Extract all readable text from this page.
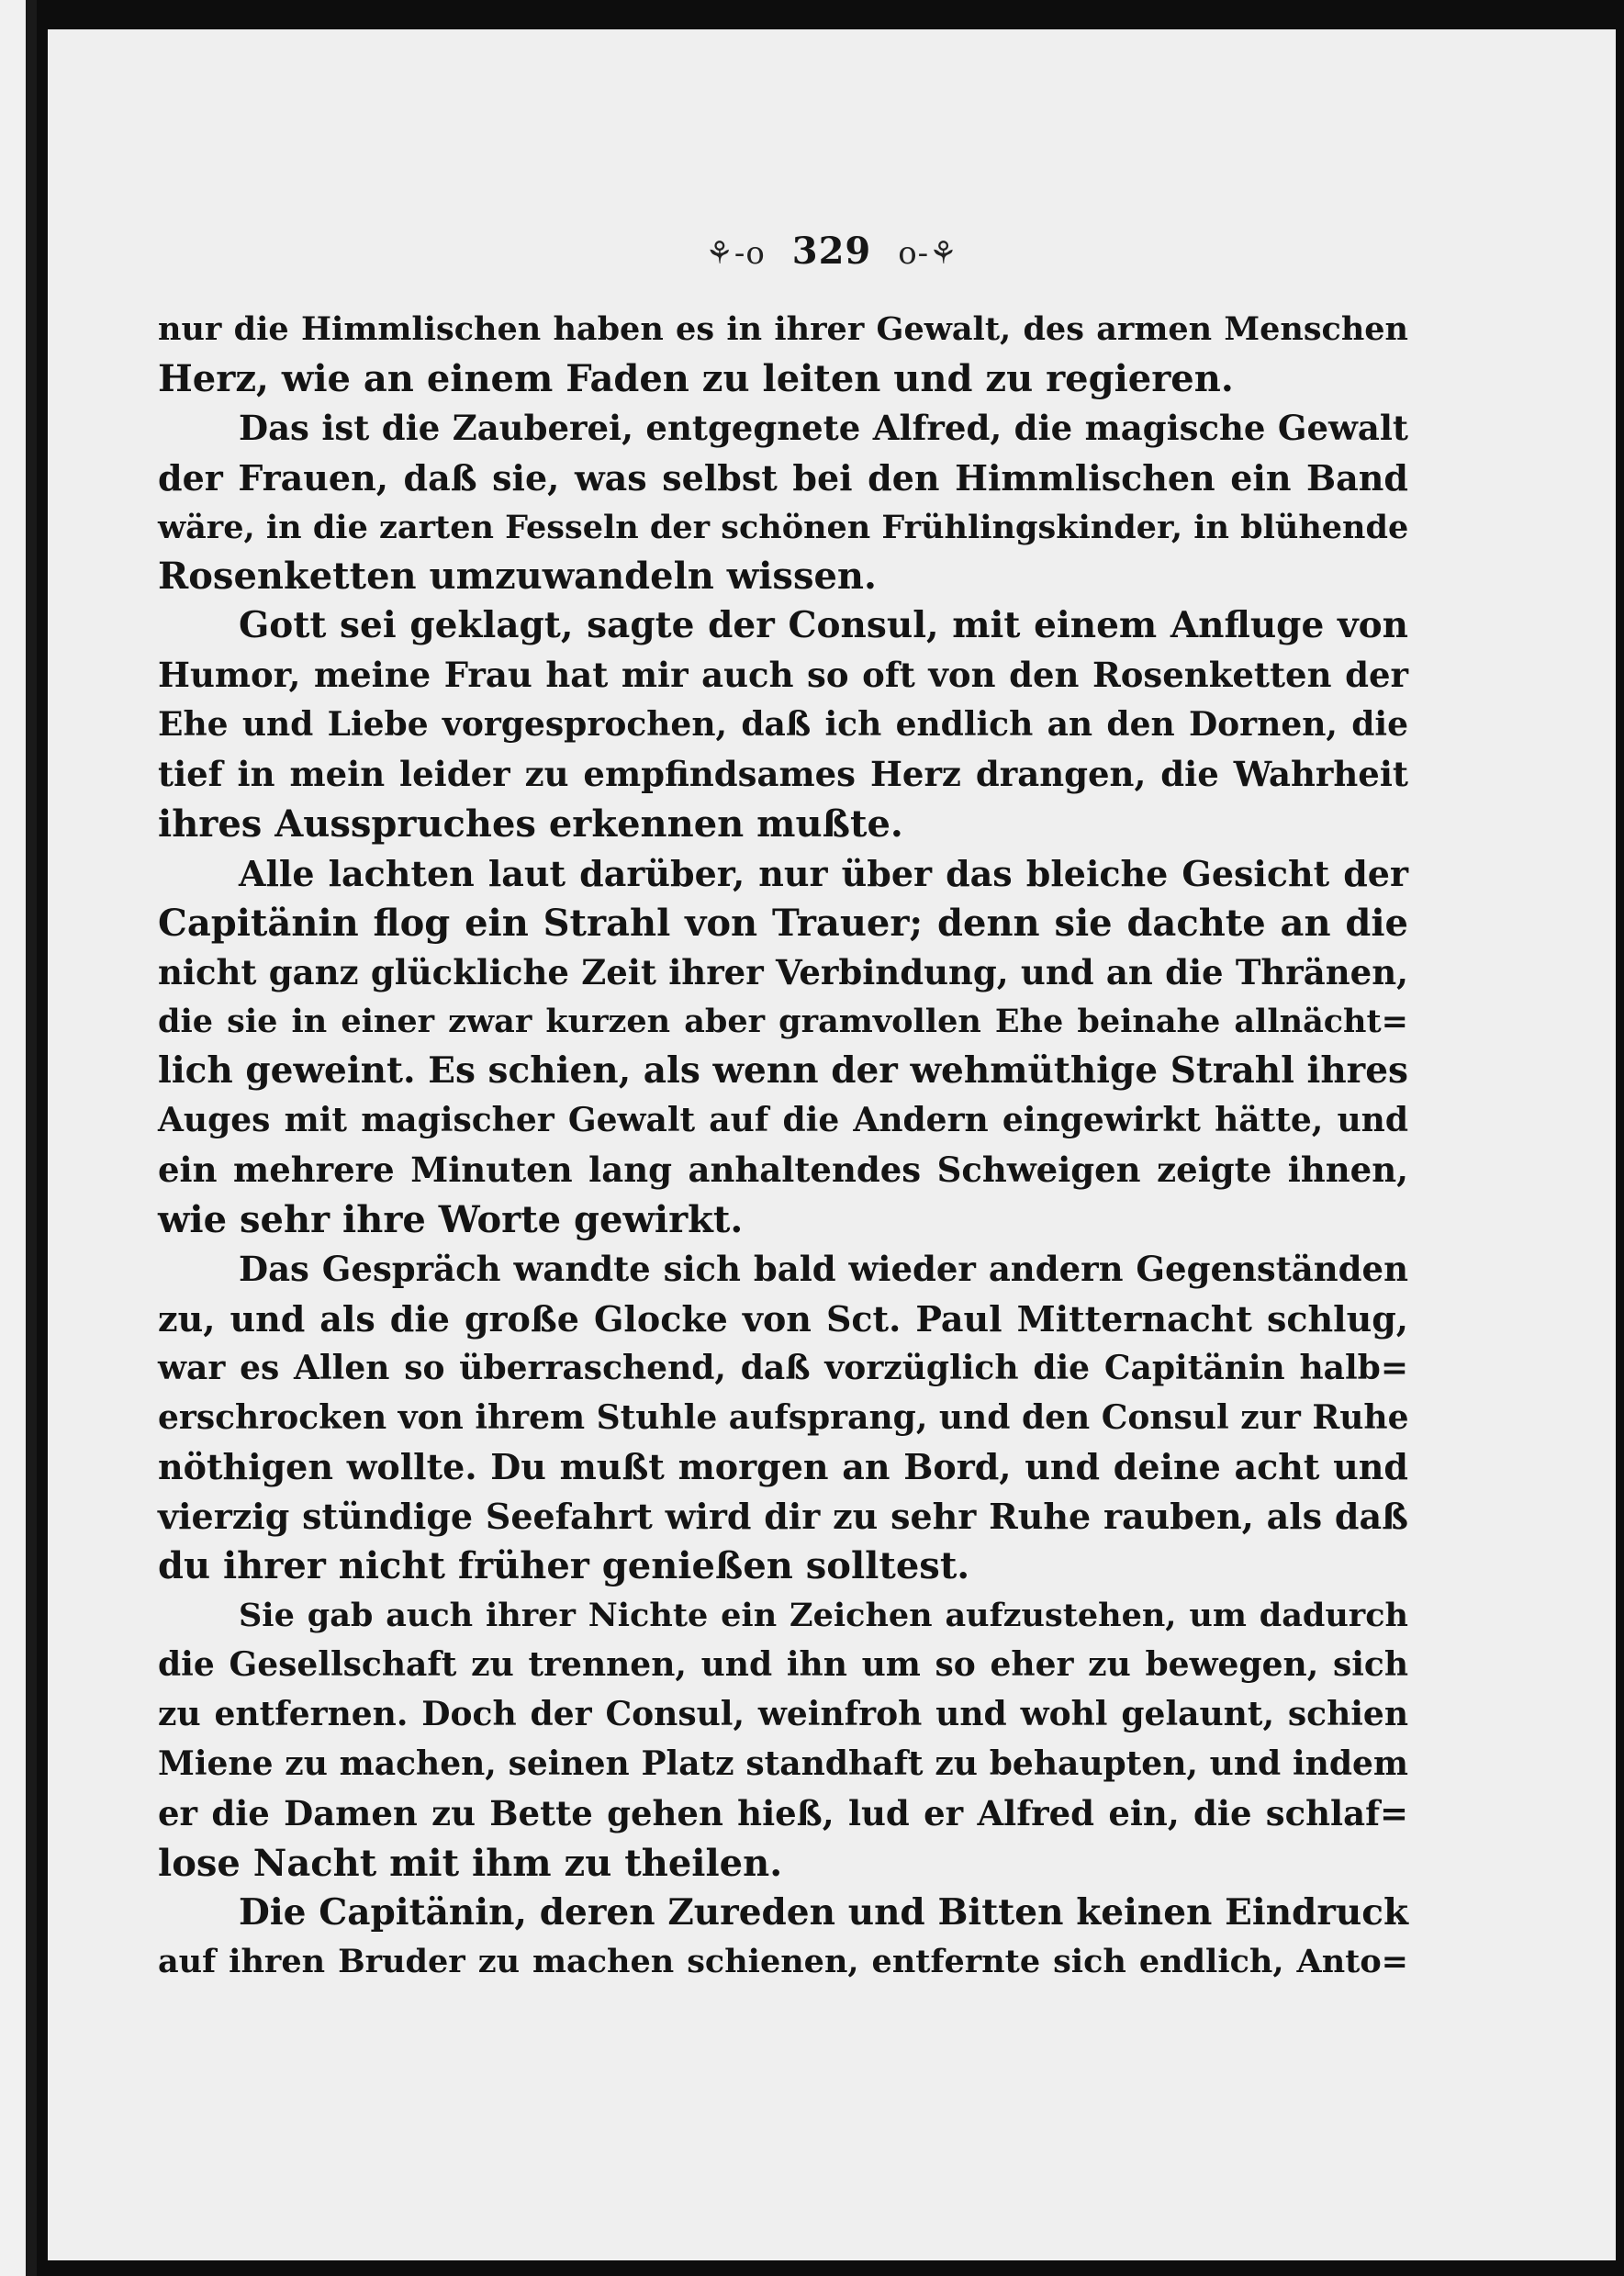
⚘-o 329 o-⚘
nur die Himmlischen haben es in ihrer Gewalt, des armen Menschen
Herz, wie an einem Faden zu leiten und zu regieren.
Das ist die Zauberei, entgegnete Alfred, die magische Gewalt
der Frauen, daß sie, was selbst bei den Himmlischen ein Band
wäre, in die zarten Fesseln der schönen Frühlingskinder, in blühende
Rosenketten umzuwandeln wissen.
Gott sei geklagt, sagte der Consul, mit einem Anfluge von
Humor, meine Frau hat mir auch so oft von den Rosenketten der
Ehe und Liebe vorgesprochen, daß ich endlich an den Dornen, die
tief in mein leider zu empfindsames Herz drangen, die Wahrheit
ihres Ausspruches erkennen mußte.
Alle lachten laut darüber, nur über das bleiche Gesicht der
Capitänin flog ein Strahl von Trauer; denn sie dachte an die
nicht ganz glückliche Zeit ihrer Verbindung, und an die Thränen,
die sie in einer zwar kurzen aber gramvollen Ehe beinahe allnächt=
lich geweint. Es schien, als wenn der wehmüthige Strahl ihres
Auges mit magischer Gewalt auf die Andern eingewirkt hätte, und
ein mehrere Minuten lang anhaltendes Schweigen zeigte ihnen,
wie sehr ihre Worte gewirkt.
Das Gespräch wandte sich bald wieder andern Gegenständen
zu, und als die große Glocke von Sct. Paul Mitternacht schlug,
war es Allen so überraschend, daß vorzüglich die Capitänin halb=
erschrocken von ihrem Stuhle aufsprang, und den Consul zur Ruhe
nöthigen wollte. Du mußt morgen an Bord, und deine acht und
vierzig stündige Seefahrt wird dir zu sehr Ruhe rauben, als daß
du ihrer nicht früher genießen solltest.
Sie gab auch ihrer Nichte ein Zeichen aufzustehen, um dadurch
die Gesellschaft zu trennen, und ihn um so eher zu bewegen, sich
zu entfernen. Doch der Consul, weinfroh und wohl gelaunt, schien
Miene zu machen, seinen Platz standhaft zu behaupten, und indem
er die Damen zu Bette gehen hieß, lud er Alfred ein, die schlaf=
lose Nacht mit ihm zu theilen.
Die Capitänin, deren Zureden und Bitten keinen Eindruck
auf ihren Bruder zu machen schienen, entfernte sich endlich, Anto=
